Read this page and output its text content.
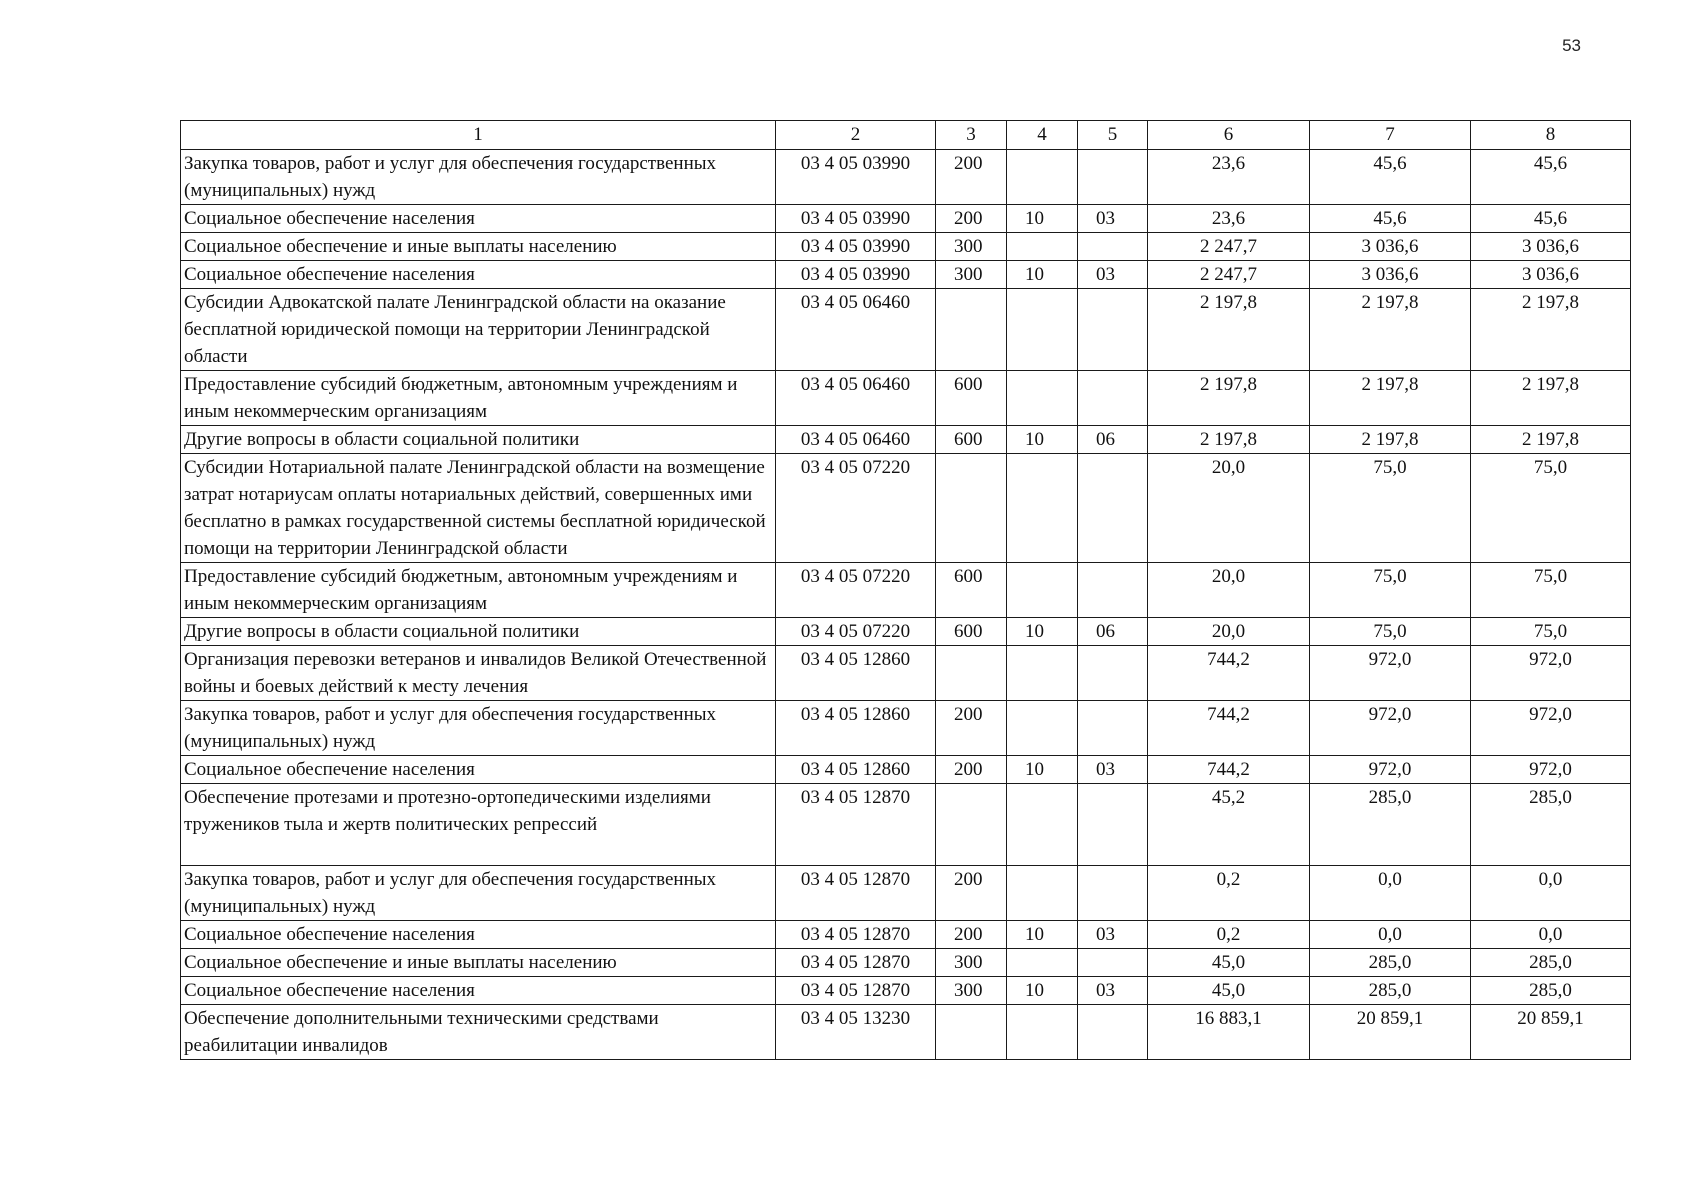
53
1	2	3	4	5	6	7	8
Закупка товаров, работ и услуг для обеспечения государственных (муниципальных) нужд	03 4 05 03990	200			23,6	45,6	45,6
Социальное обеспечение населения	03 4 05 03990	200	10	03	23,6	45,6	45,6
Социальное обеспечение и иные выплаты населению	03 4 05 03990	300			2 247,7	3 036,6	3 036,6
Социальное обеспечение населения	03 4 05 03990	300	10	03	2 247,7	3 036,6	3 036,6
Субсидии Адвокатской палате Ленинградской области на оказание бесплатной юридической помощи на территории Ленинградской области	03 4 05 06460				2 197,8	2 197,8	2 197,8
Предоставление субсидий бюджетным, автономным учреждениям и иным некоммерческим организациям	03 4 05 06460	600			2 197,8	2 197,8	2 197,8
Другие вопросы в области социальной политики	03 4 05 06460	600	10	06	2 197,8	2 197,8	2 197,8
Субсидии Нотариальной палате Ленинградской области на возмещение затрат нотариусам оплаты нотариальных действий, совершенных ими бесплатно в рамках государственной системы бесплатной юридической помощи на территории Ленинградской области	03 4 05 07220				20,0	75,0	75,0
Предоставление субсидий бюджетным, автономным учреждениям и иным некоммерческим организациям	03 4 05 07220	600			20,0	75,0	75,0
Другие вопросы в области социальной политики	03 4 05 07220	600	10	06	20,0	75,0	75,0
Организация перевозки ветеранов и инвалидов Великой Отечественной войны и боевых действий к месту лечения	03 4 05 12860				744,2	972,0	972,0
Закупка товаров, работ и услуг для обеспечения государственных (муниципальных) нужд	03 4 05 12860	200			744,2	972,0	972,0
Социальное обеспечение населения	03 4 05 12860	200	10	03	744,2	972,0	972,0
Обеспечение протезами и протезно-ортопедическими изделиями тружеников тыла и жертв политических репрессий	03 4 05 12870				45,2	285,0	285,0
Закупка товаров, работ и услуг для обеспечения государственных (муниципальных) нужд	03 4 05 12870	200			0,2	0,0	0,0
Социальное обеспечение населения	03 4 05 12870	200	10	03	0,2	0,0	0,0
Социальное обеспечение и иные выплаты населению	03 4 05 12870	300			45,0	285,0	285,0
Социальное обеспечение населения	03 4 05 12870	300	10	03	45,0	285,0	285,0
Обеспечение дополнительными техническими средствами реабилитации инвалидов	03 4 05 13230				16 883,1	20 859,1	20 859,1
